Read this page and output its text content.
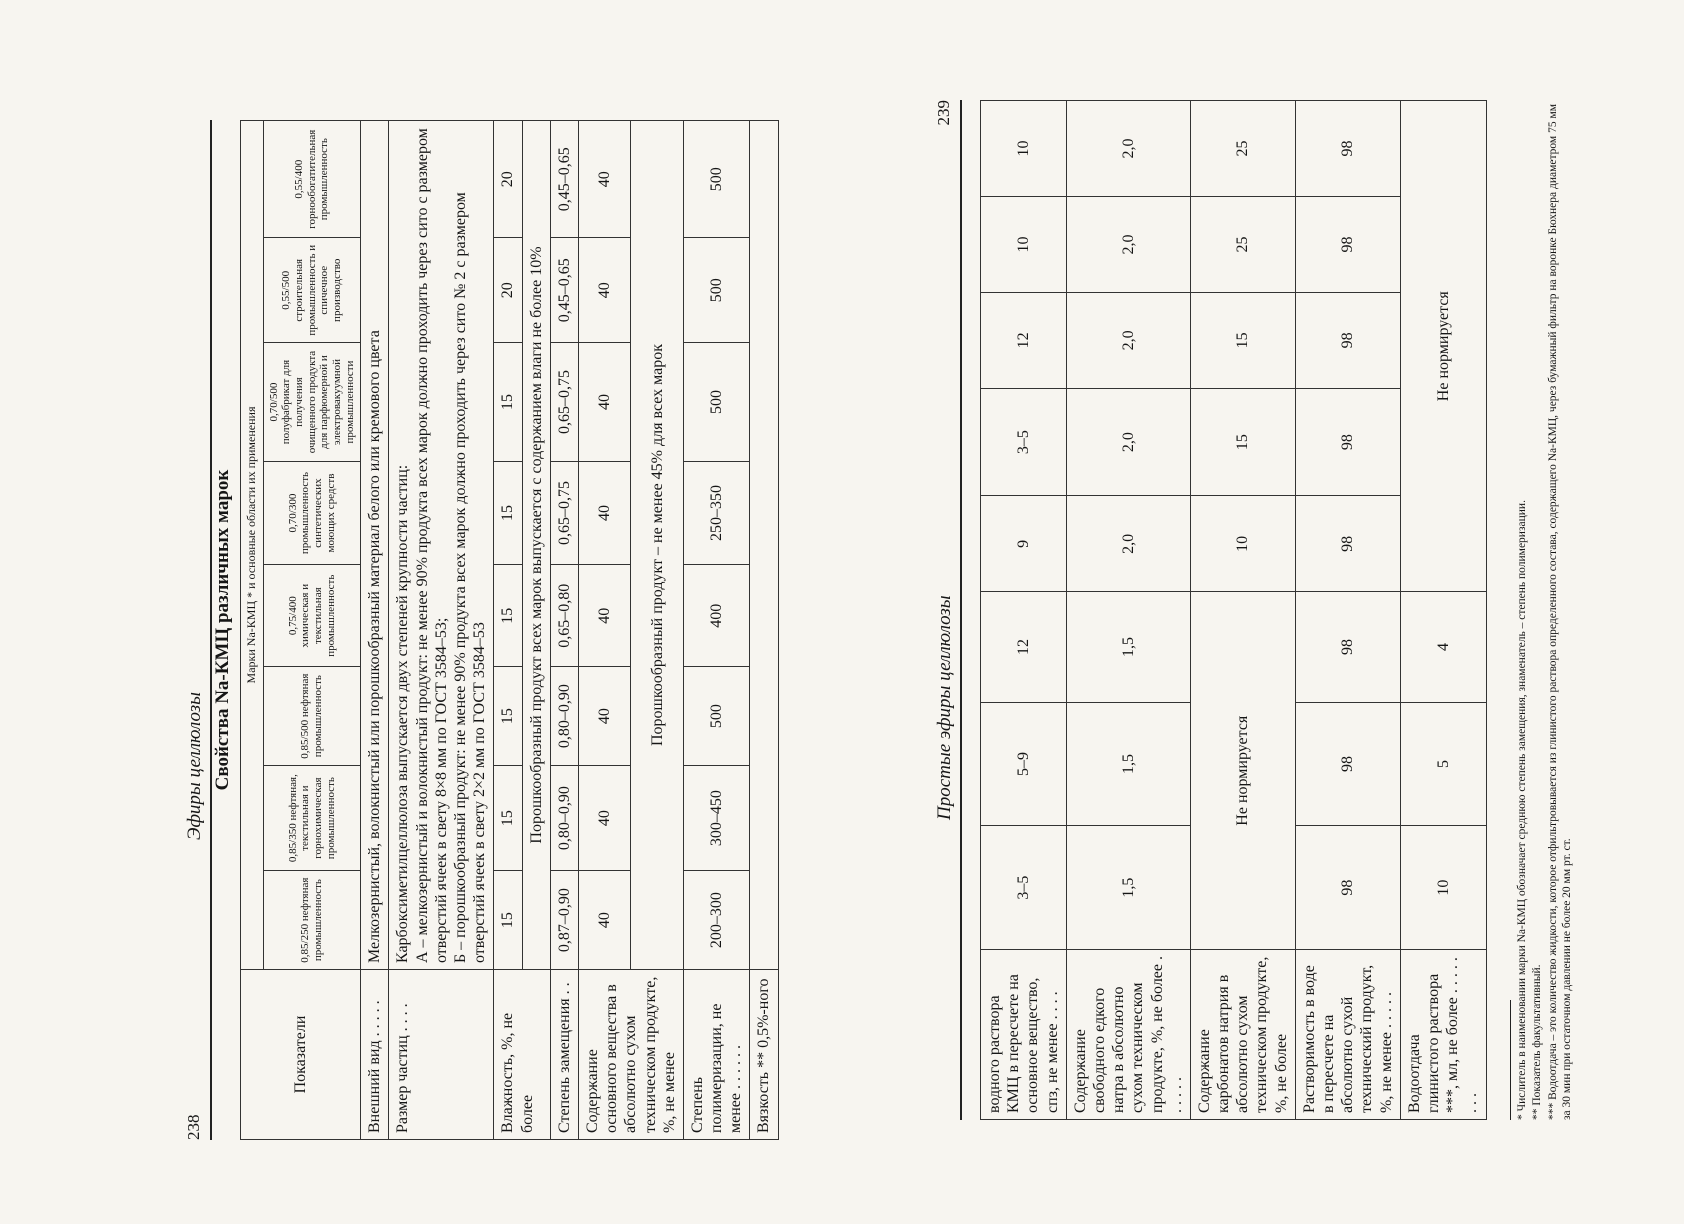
238
Эфиры целлюлозы Свойства Na-КМЦ различных марок
Показатели	Марки Na-КМЦ * и основные области их применения							
	0,85/250 нефтяная промышленность	0,85/350 нефтяная, текстильная и горнохимическая промышленность	0,85/500 нефтяная промышленность	0,75/400 химическая и текстильная промышленность	0,70/300 промышленность синтетических моющих средств	0,70/500 полуфабрикат для получения очищенного продукта для парфюмерной и электровакуумной промышленности	0,55/500 строительная промышленность и спичечное производство	0,55/400 горнообогатительная промышленность
Внешний вид . . . . .	Мелкозернистый, волокнистый или порошкообразный материал белого или кремового цвета							
Размер частиц . . . .	Карбоксиметилцеллюлоза выпускается двух степеней крупности частиц: А – мелкозернистый и волокнистый продукт: не менее 90% продукта всех марок должно проходить через сито с размером отверстий ячеек в свету 8×8 мм по ГОСТ 3584–53; Б – порошкообразный продукт: не менее 90% продукта всех марок должно проходить через сито № 2 с размером отверстий ячеек в свету 2×2 мм по ГОСТ 3584–53							

Влажность, %, не более	15	15	15	15	15	15	20	20
	Порошкообразный продукт всех марок выпускается с содержанием влаги не более 10%							
Степень замещения . .	0,87–0,90	0,80–0,90	0,80–0,90	0,65–0,80	0,65–0,75	0,65–0,75	0,45–0,65	0,45–0,65
Содержание основного вещества в абсолютно сухом техническом продукте, %, не менее	40	40	40	40	40	40	40	40
	Порошкообразный продукт – не менее 45% для всех марок							
Степень полимеризации, не менее . . . . . .	200–300	300–450	500	400	250–350	500	500	500
Вязкость ** 0,5%-ного								
Простые эфиры целлюлозы
239
водного раствора КМЦ в пересчете на основное вещество, спз, не менее . . . .	3–5	5–9	12	9	3–5	12	10	10
Содержание свободного едкого натра в абсолютно сухом техническом продукте, %, не более . . . . . .	1,5	1,5	1,5	2,0	2,0	2,0	2,0	2,0
Содержание карбонатов натрия в абсолютно сухом техническом продукте, %, не более	Не нормируется			10	15	15	25	25
Растворимость в воде в пересчете на абсолютно сухой технический продукт, %, не менее . . . . .	98	98	98	98	98	98	98	98
Водоотдача глинистого раствора ***, мл, не более . . . . . . . .	10	5	4	Не нормируется				

* Числитель в наименовании марки Na-КМЦ обозначает среднюю степень замещения, знаменатель – степень полимеризации. ** Показатель факультативный. *** Водоотдача – это количество жидкости, которое отфильтровывается из глинистого раствора определенного состава, содержащего Na-КМЦ, через бумажный фильтр на воронке Бюхнера диаметром 75 мм за 30 мин при остаточном давлении не более 20 мм рт. ст.
